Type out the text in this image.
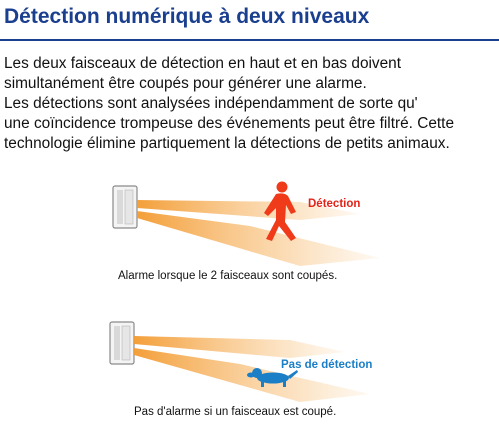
Détection numérique à deux niveaux
Les deux faisceaux de détection en haut et en bas doivent
simultanément être coupés pour générer une alarme.
Les détections sont analysées indépendamment de sorte qu'
une coïncidence trompeuse des événements peut être filtré. Cette
technologie élimine partiquement la détections de petits animaux.
Détection
Alarme lorsque le 2 faisceaux sont coupés.
Pas de détection
Pas d'alarme si un faisceaux est coupé.
